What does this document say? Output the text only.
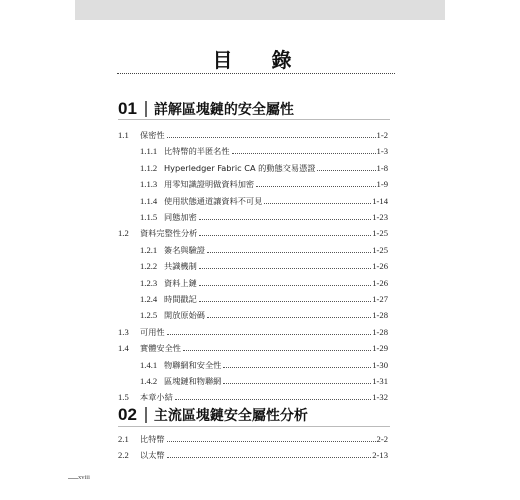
目 錄
01 詳解區塊鏈的安全屬性
1.1	保密性	1-2
1.1.1 比特幣的半匿名性	1-3
1.1.2 Hyperledger Fabric CA 的動態交易憑證	1-8
1.1.3 用零知識證明做資料加密	1-9
1.1.4 使用狀態通道讓資料不可見	1-14
1.1.5 同態加密	1-23
1.2	資料完整性分析	1-25
1.2.1 簽名與驗證	1-25
1.2.2 共識機制	1-26
1.2.3 資料上鏈	1-26
1.2.4 時間戳記	1-27
1.2.5 開放原始碼	1-28
1.3	可用性	1-28
1.4	實體安全性	1-29
1.4.1 物聯網和安全性	1-30
1.4.2 區塊鏈和物聯網	1-31
1.5	本章小結	1-32
02 主流區塊鏈安全屬性分析
2.1	比特幣	2-2
2.2	以太幣	2-13
xviii
